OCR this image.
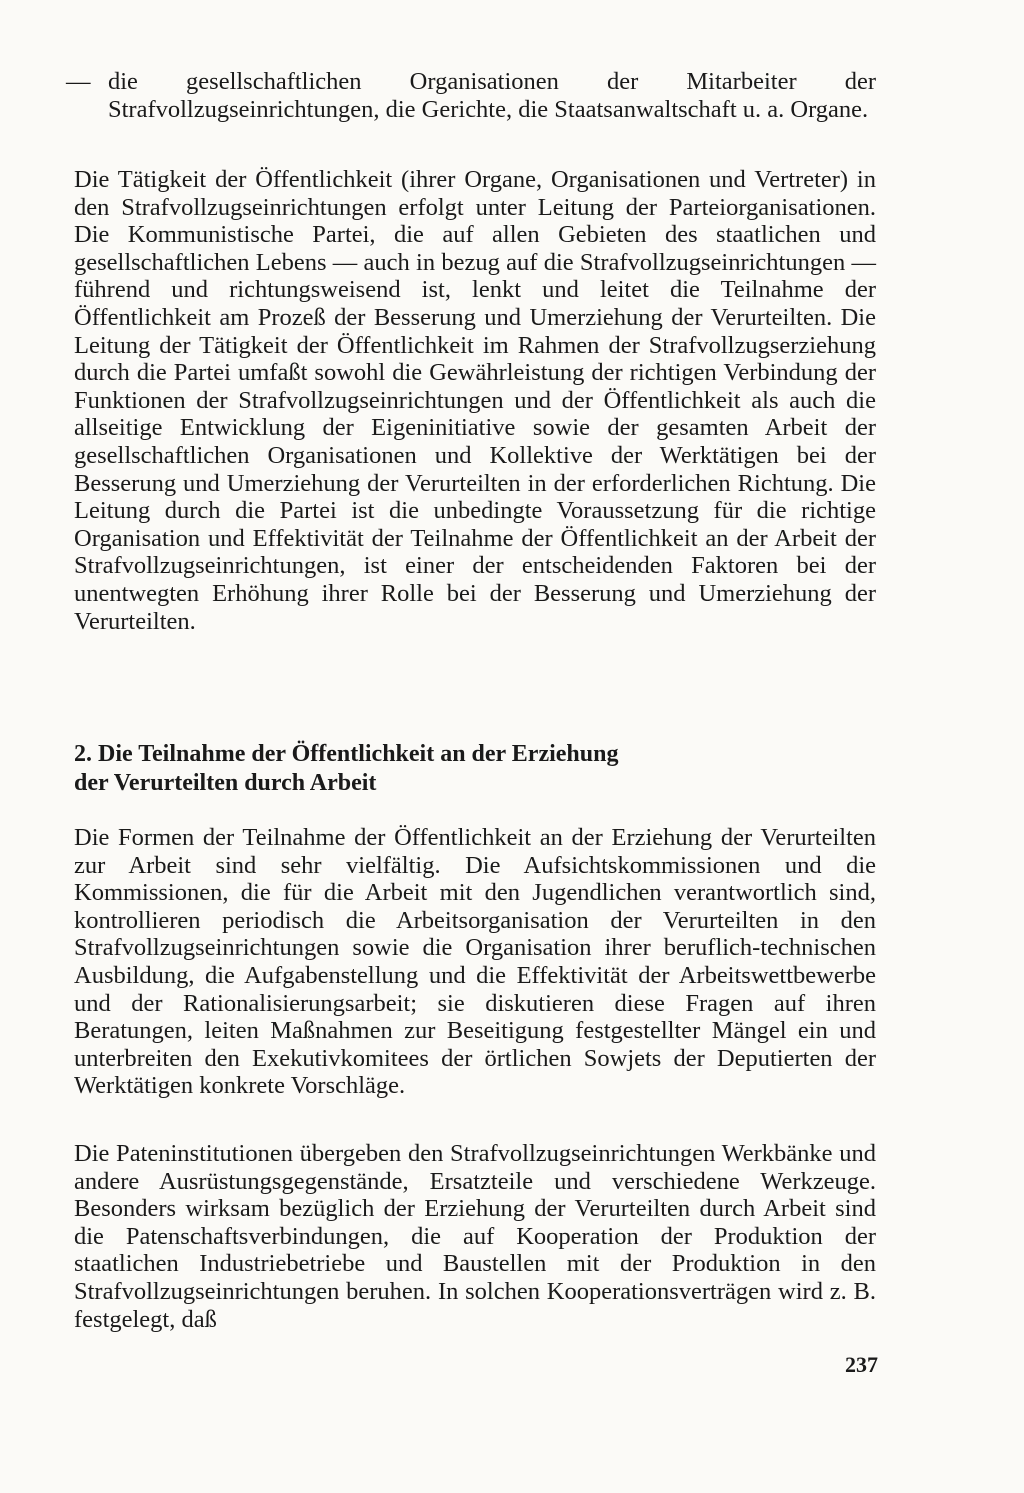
— die gesellschaftlichen Organisationen der Mitarbeiter der Strafvollzugseinrichtungen, die Gerichte, die Staatsanwaltschaft u. a. Organe.

Die Tätigkeit der Öffentlichkeit (ihrer Organe, Organisationen und Vertreter) in den Strafvollzugseinrichtungen erfolgt unter Leitung der Parteiorganisationen. Die Kommunistische Partei, die auf allen Gebieten des staatlichen und gesellschaftlichen Lebens — auch in bezug auf die Strafvollzugseinrichtungen — führend und richtungsweisend ist, lenkt und leitet die Teilnahme der Öffentlichkeit am Prozeß der Besserung und Umerziehung der Verurteilten. Die Leitung der Tätigkeit der Öffentlichkeit im Rahmen der Strafvollzugserziehung durch die Partei umfaßt sowohl die Gewährleistung der richtigen Verbindung der Funktionen der Strafvollzugseinrichtungen und der Öffentlichkeit als auch die allseitige Entwicklung der Eigeninitiative sowie der gesamten Arbeit der gesellschaftlichen Organisationen und Kollektive der Werktätigen bei der Besserung und Umerziehung der Verurteilten in der erforderlichen Richtung. Die Leitung durch die Partei ist die unbedingte Voraussetzung für die richtige Organisation und Effektivität der Teilnahme der Öffentlichkeit an der Arbeit der Strafvollzugseinrichtungen, ist einer der entscheidenden Faktoren bei der unentwegten Erhöhung ihrer Rolle bei der Besserung und Umerziehung der Verurteilten.

2. Die Teilnahme der Öffentlichkeit an der Erziehung
der Verurteilten durch Arbeit

Die Formen der Teilnahme der Öffentlichkeit an der Erziehung der Verurteilten zur Arbeit sind sehr vielfältig. Die Aufsichtskommissionen und die Kommissionen, die für die Arbeit mit den Jugendlichen verantwortlich sind, kontrollieren periodisch die Arbeitsorganisation der Verurteilten in den Strafvollzugseinrichtungen sowie die Organisation ihrer beruflich-technischen Ausbildung, die Aufgabenstellung und die Effektivität der Arbeitswettbewerbe und der Rationalisierungsarbeit; sie diskutieren diese Fragen auf ihren Beratungen, leiten Maßnahmen zur Beseitigung festgestellter Mängel ein und unterbreiten den Exekutivkomitees der örtlichen Sowjets der Deputierten der Werktätigen konkrete Vorschläge.

Die Pateninstitutionen übergeben den Strafvollzugseinrichtungen Werkbänke und andere Ausrüstungsgegenstände, Ersatzteile und verschiedene Werkzeuge. Besonders wirksam bezüglich der Erziehung der Verurteilten durch Arbeit sind die Patenschaftsverbindungen, die auf Kooperation der Produktion der staatlichen Industriebetriebe und Baustellen mit der Produktion in den Strafvollzugseinrichtungen beruhen. In solchen Kooperationsverträgen wird z. B. festgelegt, daß

237
